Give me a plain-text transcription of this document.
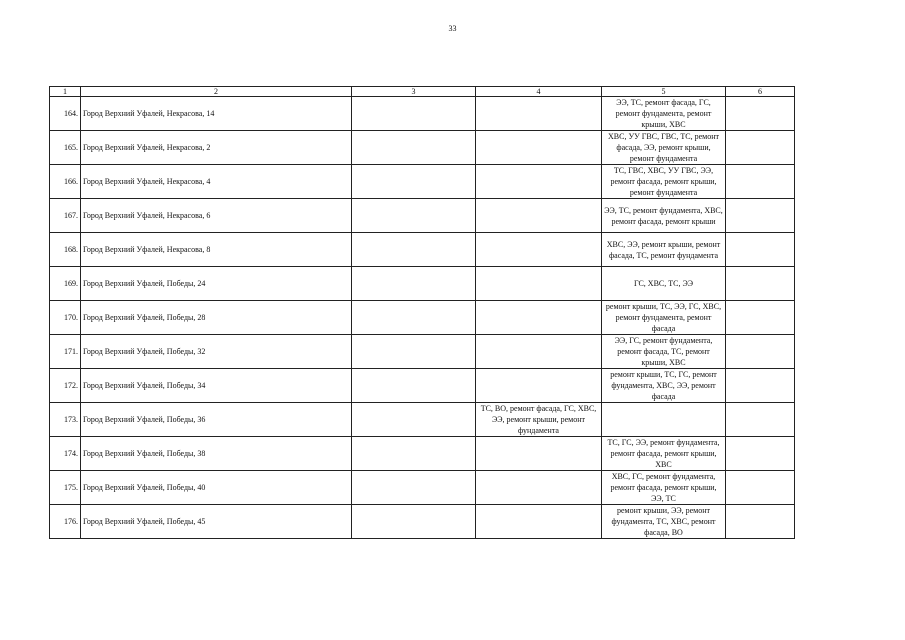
33
1	2	3	4	5	6
164.	Город Верхний Уфалей, Некрасова, 14			ЭЭ, ТС, ремонт фасада, ГС, ремонт фундамента, ремонт крыши, ХВС	
165.	Город Верхний Уфалей, Некрасова, 2			ХВС, УУ ГВС, ГВС, ТС, ремонт фасада, ЭЭ, ремонт крыши, ремонт фундамента	
166.	Город Верхний Уфалей, Некрасова, 4			ТС, ГВС, ХВС, УУ ГВС, ЭЭ, ремонт фасада, ремонт крыши, ремонт фундамента	
167.	Город Верхний Уфалей, Некрасова, 6			ЭЭ, ТС, ремонт фундамента, ХВС, ремонт фасада, ремонт крыши	
168.	Город Верхний Уфалей, Некрасова, 8			ХВС, ЭЭ, ремонт крыши, ремонт фасада, ТС, ремонт фундамента	
169.	Город Верхний Уфалей, Победы, 24			ГС, ХВС, ТС, ЭЭ	
170.	Город Верхний Уфалей, Победы, 28			ремонт крыши, ТС, ЭЭ, ГС, ХВС, ремонт фундамента, ремонт фасада	
171.	Город Верхний Уфалей, Победы, 32			ЭЭ, ГС, ремонт фундамента, ремонт фасада, ТС, ремонт крыши, ХВС	
172.	Город Верхний Уфалей, Победы, 34			ремонт крыши, ТС, ГС, ремонт фундамента, ХВС, ЭЭ, ремонт фасада	
173.	Город Верхний Уфалей, Победы, 36		ТС, ВО, ремонт фасада, ГС, ХВС, ЭЭ, ремонт крыши, ремонт фундамента		
174.	Город Верхний Уфалей, Победы, 38			ТС, ГС, ЭЭ, ремонт фундамента, ремонт фасада, ремонт крыши, ХВС	
175.	Город Верхний Уфалей, Победы, 40			ХВС, ГС, ремонт фундамента, ремонт фасада, ремонт крыши, ЭЭ, ТС	
176.	Город Верхний Уфалей, Победы, 45			ремонт крыши, ЭЭ, ремонт фундамента, ТС, ХВС, ремонт фасада, ВО	
